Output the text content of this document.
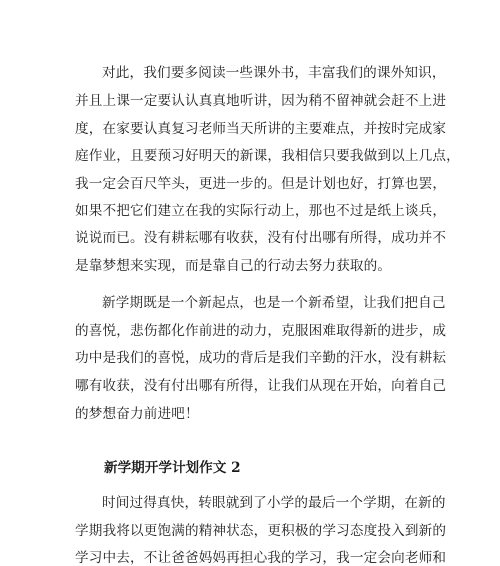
对此，我们要多阅读一些课外书，丰富我们的课外知识，
并且上课一定要认认真真地听讲，因为稍不留神就会赶不上进
度，在家要认真复习老师当天所讲的主要难点，并按时完成家
庭作业，且要预习好明天的新课，我相信只要我做到以上几点，
我一定会百尺竿头，更进一步的。但是计划也好，打算也罢，
如果不把它们建立在我的实际行动上，那也不过是纸上谈兵，
说说而已。没有耕耘哪有收获，没有付出哪有所得，成功并不
是靠梦想来实现，而是靠自己的行动去努力获取的。
新学期既是一个新起点，也是一个新希望，让我们把自己
的喜悦，悲伤都化作前进的动力，克服困难取得新的进步，成
功中是我们的喜悦，成功的背后是我们辛勤的汗水，没有耕耘
哪有收获，没有付出哪有所得，让我们从现在开始，向着自己
的梦想奋力前进吧！
新学期开学计划作文 2
时间过得真快，转眼就到了小学的最后一个学期，在新的
学期我将以更饱满的精神状态，更积极的学习态度投入到新的
学习中去，不让爸爸妈妈再担心我的学习，我一定会向老师和
